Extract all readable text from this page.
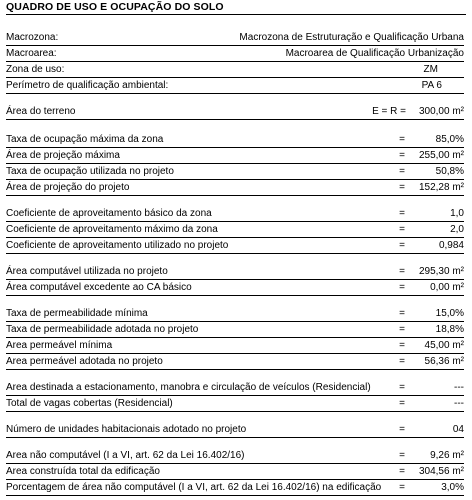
QUADRO DE USO E OCUPAÇÃO DO SOLO
Macrozona:	Macrozona de Estruturação e Qualificação Urbana
Macroarea:	Macroarea de Qualificação Urbanização
Zona de uso:	ZM
Perímetro de qualificação ambiental:	PA 6
Área do terreno	E = R = 300,00 m²
Taxa de ocupação máxima da zona	=	85,0%
Área de projeção máxima	=	255,00 m²
Taxa de ocupação utilizada no projeto	=	50,8%
Área de projeção do projeto	=	152,28 m²
Coeficiente de aproveitamento básico da zona	=	1,0
Coeficiente de aproveitamento máximo da zona	=	2,0
Coeficiente de aproveitamento utilizado no projeto	=	0,984
Área computável utilizada no projeto	=	295,30 m²
Área computável excedente ao CA básico	=	0,00 m²
Taxa de permeabilidade mínima	=	15,0%
Taxa de permeabilidade adotada no projeto	=	18,8%
Area permeável mínima	=	45,00 m²
Area permeável adotada no projeto	=	56,36 m²
Area destinada a estacionamento, manobra e circulação de veículos (Residencial)	=	---
Total de vagas cobertas (Residencial)	=	---
Número de unidades habitacionais adotado no projeto	=	04
Area não computável (I a VI, art. 62 da Lei 16.402/16)	=	9,26 m²
Area construída total da edificação	=	304,56 m²
Porcentagem de área não computável (I a VI, art. 62 da Lei 16.402/16) na edificação	=	3,0%
